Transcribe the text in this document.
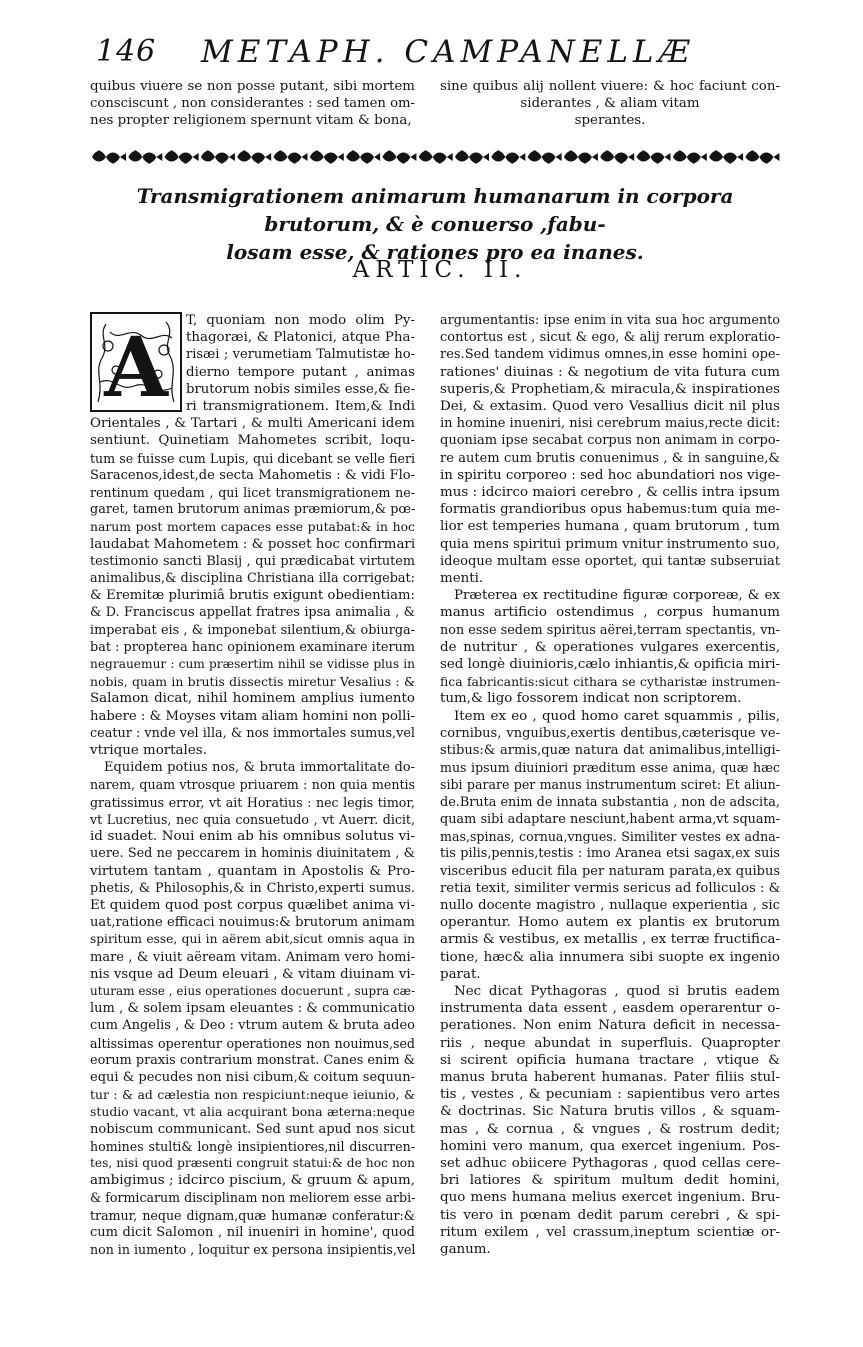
146 METAPH. CAMPANELLÆ
quibus viuere se non posse putant, sibi mortem
consciscunt , non considerantes : sed tamen om-
nes propter religionem spernunt vitam & bona,
sine quibus alij nollent viuere: & hoc faciunt con-
siderantes , & aliam vitam
sperantes.
Transmigrationem animarum humanarum in corpora brutorum, & è conuerso ,fabu-
losam esse, & rationes pro ea inanes.
ARTIC. II.
A	T, quoniam non modo olim Py-
thagoræi, & Platonici, atque Pha-
risæi ; verumetiam Talmutistæ ho-
dierno tempore putant , animas
brutorum nobis similes esse,& fie-
ri transmigrationem. Item,& Indi
Orientales , & Tartari , & multi Americani idem
sentiunt. Quinetiam Mahometes scribit, loqu-
tum se fuisse cum Lupis, qui dicebant se velle fieri
Saracenos,idest,de secta Mahometis : & vidi Flo-
rentinum quedam , qui licet transmigrationem ne-
garet, tamen brutorum animas præmiorum,& pœ-
narum post mortem capaces esse putabat:& in hoc
laudabat Mahometem : & posset hoc confirmari
testimonio sancti Blasij , qui prædicabat virtutem
animalibus,& disciplina Christiana illa corrigebat:
& Eremitæ plurimiâ brutis exigunt obedientiam:
& D. Franciscus appellat fratres ipsa animalia , &
imperabat eis , & imponebat silentium,& obiurga-
bat : propterea hanc opinionem examinare iterum
negrauemur : cum præsertim nihil se vidisse plus in
nobis, quam in brutis dissectis miretur Vesalius : &
Salamon dicat, nihil hominem amplius iumento
habere : & Moyses vitam aliam homini non polli-
ceatur : vnde vel illa, & nos immortales sumus,vel
vtrique mortales.

Equidem potius nos, & bruta immortalitate do-
narem, quam vtrosque priuarem : non quia mentis
gratissimus error, vt ait Horatius : nec legis timor,
vt Lucretius, nec quia consuetudo , vt Auerr. dicit,
id suadet. Noui enim ab his omnibus solutus vi-
uere. Sed ne peccarem in hominis diuinitatem , &
virtutem tantam , quantam in Apostolis & Pro-
phetis, & Philosophis,& in Christo,experti sumus.
Et quidem quod post corpus quælibet anima vi-
uat,ratione efficaci nouimus:& brutorum animam
spiritum esse, qui in aërem abit,sicut omnis aqua in
mare , & viuit aëream vitam. Animam vero homi-
nis vsque ad Deum eleuari , & vitam diuinam vi-
uturam esse , eius operationes docuerunt , supra cæ-
lum , & solem ipsam eleuantes : & communicatio
cum Angelis , & Deo : vtrum autem & bruta adeo
altissimas operentur operationes non nouimus,sed
eorum praxis contrarium monstrat. Canes enim &
equi & pecudes non nisi cibum,& coitum sequun-
tur : & ad cælestia non respiciunt:neque ieiunio, &
studio vacant, vt alia acquirant bona æterna:neque
nobiscum communicant. Sed sunt apud nos sicut
homines stulti& longè insipientiores,nil discurren-
tes, nisi quod præsenti congruit statui:& de hoc non
ambigimus ; idcirco piscium, & gruum & apum,
& formicarum disciplinam non meliorem esse arbi-
tramur, neque dignam,quæ humanæ conferatur:&
cum dicit Salomon , nil inueniri in homine', quod
non in iumento , loquitur ex persona insipientis,vel

argumentantis: ipse enim in vita sua hoc argumento
contortus est , sicut & ego, & alij rerum exploratio-
res.Sed tandem vidimus omnes,in esse homini ope-
rationes' diuinas : & negotium de vita futura cum
superis,& Prophetiam,& miracula,& inspirationes
Dei, & extasim. Quod vero Vesallius dicit nil plus
in homine inueniri, nisi cerebrum maius,recte dicit:
quoniam ipse secabat corpus non animam in corpo-
re autem cum brutis conuenimus , & in sanguine,&
in spiritu corporeo : sed hoc abundatiori nos vige-
mus : idcirco maiori cerebro , & cellis intra ipsum
formatis grandioribus opus habemus:tum quia me-
lior est temperies humana , quam brutorum , tum
quia mens spiritui primum vnitur instrumento suo,
ideoque multam esse oportet, qui tantæ subseruiat
menti.

Præterea ex rectitudine figuræ corporeæ, & ex
manus artificio ostendimus , corpus humanum
non esse sedem spiritus aërei,terram spectantis, vn-
de nutritur , & operationes vulgares exercentis,
sed longè diuinioris,cælo inhiantis,& opificia miri-
fica fabricantis:sicut cithara se cytharistæ instrumen-
tum,& ligo fossorem indicat non scriptorem.

Item ex eo , quod homo caret squammis , pilis,
cornibus, vnguibus,exertis dentibus,cæterisque ve-
stibus:& armis,quæ natura dat animalibus,intelligi-
mus ipsum diuiniori præditum esse anima, quæ hæc
sibi parare per manus instrumentum sciret: Et aliun-
de.Bruta enim de innata substantia , non de adscita,
quam sibi adaptare nesciunt,habent arma,vt squam-
mas,spinas, cornua,vngues. Similiter vestes ex adna-
tis pilis,pennis,testis : imo Aranea etsi sagax,ex suis
visceribus educit fila per naturam parata,ex quibus
retia texit, similiter vermis sericus ad folliculos : &
nullo docente magistro , nullaque experientia , sic
operantur. Homo autem ex plantis ex brutorum
armis & vestibus, ex metallis , ex terræ fructifica-
tione, hæc& alia innumera sibi suopte ex ingenio
parat.

Nec dicat Pythagoras , quod si brutis eadem
instrumenta data essent , easdem operarentur o-
perationes. Non enim Natura deficit in necessa-
riis , neque abundat in superfluis. Quapropter
si scirent opificia humana tractare , vtique &
manus bruta haberent humanas. Pater filiis stul-
tis , vestes , & pecuniam : sapientibus vero artes
& doctrinas. Sic Natura brutis villos , & squam-
mas , & cornua , & vngues , & rostrum dedit;
homini vero manum, qua exercet ingenium. Pos-
set adhuc obiicere Pythagoras , quod cellas cere-
bri latiores & spiritum multum dedit homini,
quo mens humana melius exercet ingenium. Bru-
tis vero in pœnam dedit parum cerebri , & spi-
ritum exilem , vel crassum,ineptum scientiæ or-
ganum.
